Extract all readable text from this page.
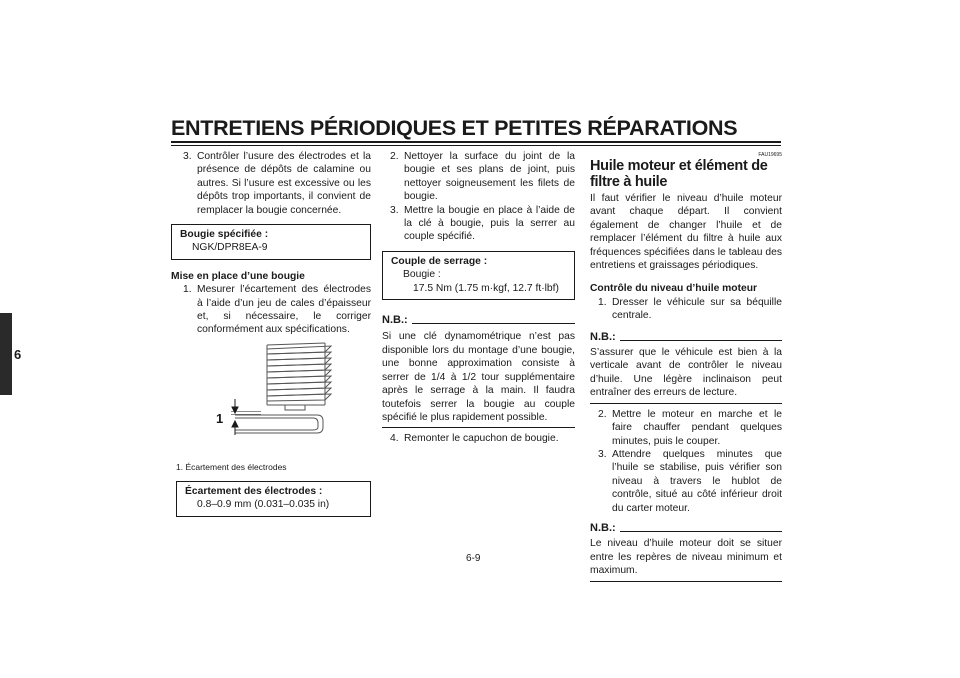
ENTRETIENS PÉRIODIQUES ET PETITES RÉPARATIONS
6

3. Contrôler l’usure des électrodes et la présence de dépôts de calamine ou autres. Si l’usure est excessive ou les dépôts trop importants, il convient de remplacer la bougie concernée.

Bougie spécifiée :
NGK/DPR8EA-9

Mise en place d’une bougie

1. Mesurer l’écartement des électrodes à l’aide d’un jeu de cales d’épaisseur et, si nécessaire, le corriger conformément aux spécifications.

1
1. Écartement des électrodes
Écartement des électrodes :
0.8–0.9 mm (0.031–0.035 in)

2. Nettoyer la surface du joint de la bougie et ses plans de joint, puis nettoyer soigneusement les filets de bougie.

3. Mettre la bougie en place à l’aide de la clé à bougie, puis la serrer au couple spécifié.

Couple de serrage :
Bougie :
17.5 Nm (1.75 m·kgf, 12.7 ft·lbf)
N.B.:

Si une clé dynamométrique n’est pas disponible lors du montage d’une bougie, une bonne approximation consiste à serrer de 1/4 à 1/2 tour supplémentaire après le serrage à la main. Il faudra toutefois serrer la bougie au couple spécifié le plus rapidement possible.

4. Remonter le capuchon de bougie.

FAU19695

Huile moteur et élément de filtre à huile

Il faut vérifier le niveau d’huile moteur avant chaque départ. Il convient également de changer l’huile et de remplacer l’élément du filtre à huile aux fréquences spécifiées dans le tableau des entretiens et graissages périodiques.

Contrôle du niveau d’huile moteur

1. Dresser le véhicule sur sa béquille centrale.

N.B.:

S’assurer que le véhicule est bien à la verticale avant de contrôler le niveau d’huile. Une légère inclinaison peut entraîner des erreurs de lecture.

2. Mettre le moteur en marche et le faire chauffer pendant quelques minutes, puis le couper.

3. Attendre quelques minutes que l’huile se stabilise, puis vérifier son niveau à travers le hublot de contrôle, situé au côté inférieur droit du carter moteur.

N.B.:

Le niveau d’huile moteur doit se situer entre les repères de niveau minimum et maximum.

6-9
